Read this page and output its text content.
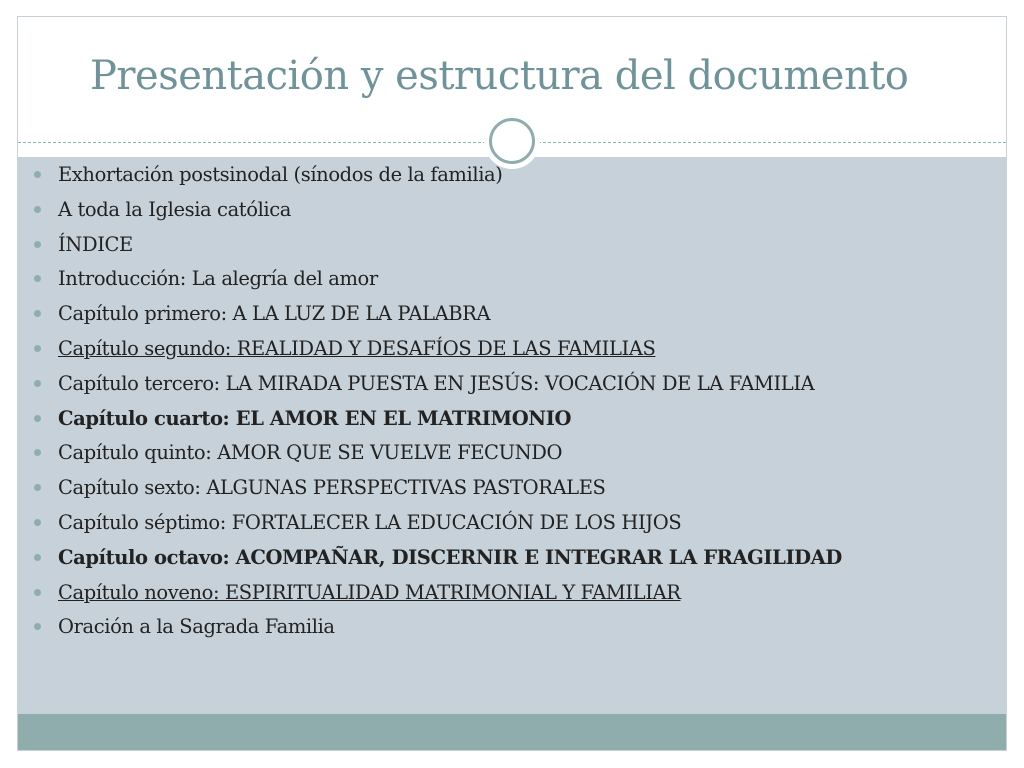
Presentación y estructura del documento
Exhortación postsinodal (sínodos de la familia)
A toda la Iglesia católica
ÍNDICE
Introducción: La alegría del amor
Capítulo primero: A LA LUZ DE LA PALABRA
Capítulo segundo: REALIDAD Y DESAFÍOS DE LAS FAMILIAS
Capítulo tercero: LA MIRADA PUESTA EN JESÚS: VOCACIÓN DE LA FAMILIA
Capítulo cuarto: EL AMOR EN EL MATRIMONIO
Capítulo quinto: AMOR QUE SE VUELVE FECUNDO
Capítulo sexto: ALGUNAS PERSPECTIVAS PASTORALES
Capítulo séptimo: FORTALECER LA EDUCACIÓN DE LOS HIJOS
Capítulo octavo: ACOMPAÑAR, DISCERNIR E INTEGRAR LA FRAGILIDAD
Capítulo noveno: ESPIRITUALIDAD MATRIMONIAL Y FAMILIAR
Oración a la Sagrada Familia
